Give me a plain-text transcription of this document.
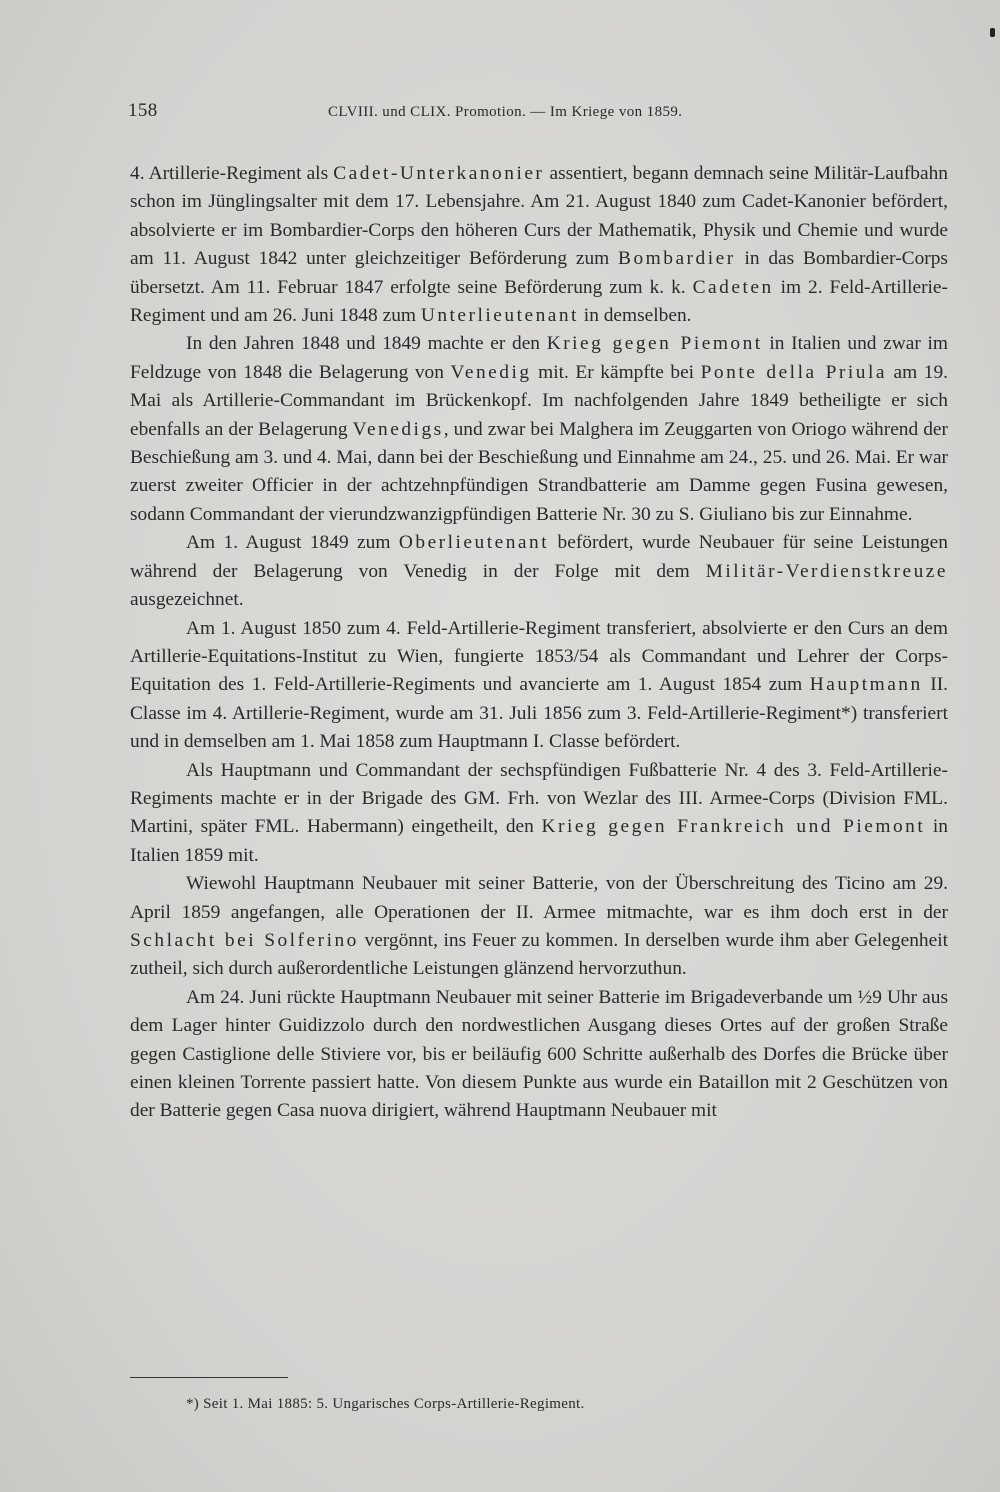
158	CLVIII. und CLIX. Promotion. — Im Kriege von 1859.

4. Artillerie-Regiment als Cadet-Unterkanonier assentiert, begann demnach seine Militär-Laufbahn schon im Jünglingsalter mit dem 17. Lebensjahre. Am 21. August 1840 zum Cadet-Kanonier befördert, absolvierte er im Bombardier-Corps den höheren Curs der Mathematik, Physik und Chemie und wurde am 11. August 1842 unter gleichzeitiger Beförderung zum Bombardier in das Bombardier-Corps übersetzt. Am 11. Februar 1847 erfolgte seine Beförderung zum k. k. Cadeten im 2. Feld-Artillerie-Regiment und am 26. Juni 1848 zum Unterlieutenant in demselben.

In den Jahren 1848 und 1849 machte er den Krieg gegen Piemont in Italien und zwar im Feldzuge von 1848 die Belagerung von Venedig mit. Er kämpfte bei Ponte della Priula am 19. Mai als Artillerie-Commandant im Brückenkopf. Im nachfolgenden Jahre 1849 betheiligte er sich ebenfalls an der Belagerung Venedigs, und zwar bei Malghera im Zeuggarten von Oriogo während der Beschießung am 3. und 4. Mai, dann bei der Beschießung und Einnahme am 24., 25. und 26. Mai. Er war zuerst zweiter Officier in der achtzehnpfündigen Strandbatterie am Damme gegen Fusina gewesen, sodann Commandant der vierundzwanzigpfündigen Batterie Nr. 30 zu S. Giuliano bis zur Einnahme.

Am 1. August 1849 zum Oberlieutenant befördert, wurde Neubauer für seine Leistungen während der Belagerung von Venedig in der Folge mit dem Militär-Verdienstkreuze ausgezeichnet.

Am 1. August 1850 zum 4. Feld-Artillerie-Regiment transferiert, absolvierte er den Curs an dem Artillerie-Equitations-Institut zu Wien, fungierte 1853/54 als Commandant und Lehrer der Corps-Equitation des 1. Feld-Artillerie-Regiments und avancierte am 1. August 1854 zum Hauptmann II. Classe im 4. Artillerie-Regiment, wurde am 31. Juli 1856 zum 3. Feld-Artillerie-Regiment*) transferiert und in demselben am 1. Mai 1858 zum Hauptmann I. Classe befördert.

Als Hauptmann und Commandant der sechspfündigen Fußbatterie Nr. 4 des 3. Feld-Artillerie-Regiments machte er in der Brigade des GM. Frh. von Wezlar des III. Armee-Corps (Division FML. Martini, später FML. Habermann) eingetheilt, den Krieg gegen Frankreich und Piemont in Italien 1859 mit.

Wiewohl Hauptmann Neubauer mit seiner Batterie, von der Überschreitung des Ticino am 29. April 1859 angefangen, alle Operationen der II. Armee mitmachte, war es ihm doch erst in der Schlacht bei Solferino vergönnt, ins Feuer zu kommen. In derselben wurde ihm aber Gelegenheit zutheil, sich durch außerordentliche Leistungen glänzend hervorzuthun.

Am 24. Juni rückte Hauptmann Neubauer mit seiner Batterie im Brigadeverbande um ½9 Uhr aus dem Lager hinter Guidizzolo durch den nordwestlichen Ausgang dieses Ortes auf der großen Straße gegen Castiglione delle Stiviere vor, bis er beiläufig 600 Schritte außerhalb des Dorfes die Brücke über einen kleinen Torrente passiert hatte. Von diesem Punkte aus wurde ein Bataillon mit 2 Geschützen von der Batterie gegen Casa nuova dirigiert, während Hauptmann Neubauer mit

*) Seit 1. Mai 1885: 5. Ungarisches Corps-Artillerie-Regiment.
